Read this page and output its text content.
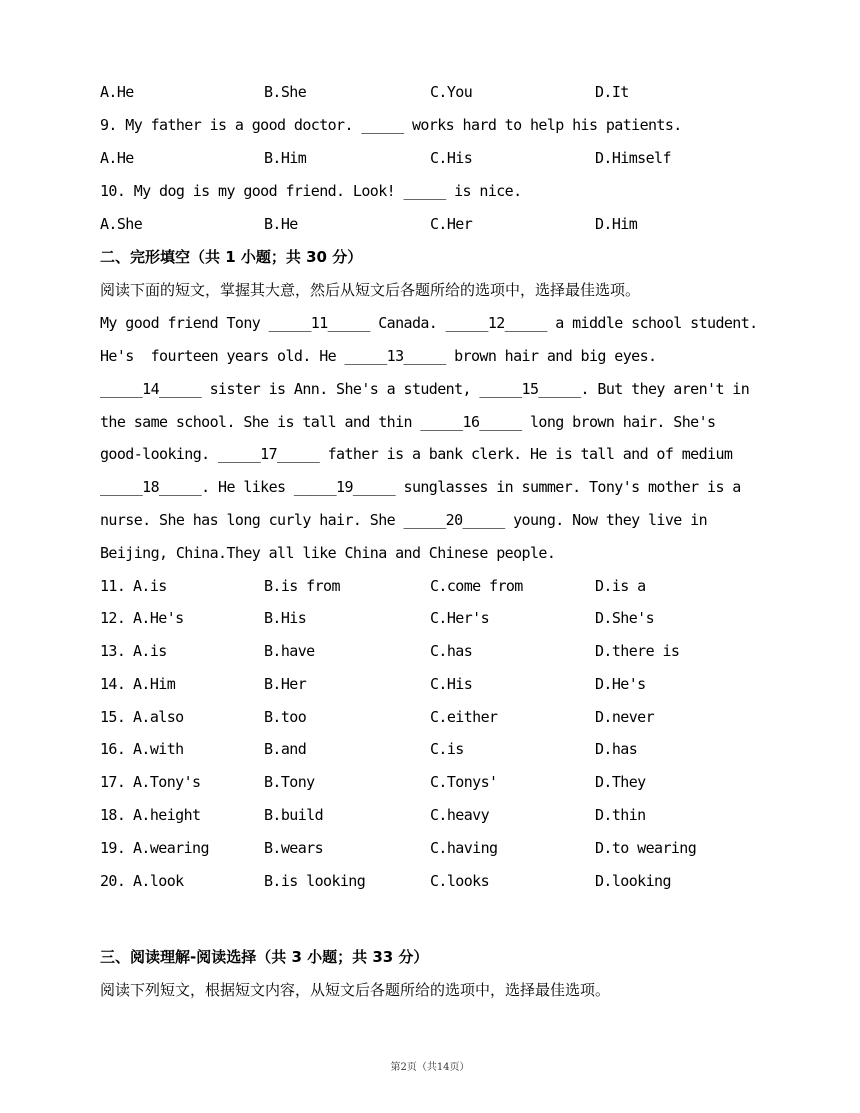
A.He	B.She	C.You	D.It
9. My father is a good doctor. _____ works hard to help his patients.
A.He	B.Him	C.His	D.Himself
10. My dog is my good friend. Look! _____ is nice.
A.She	B.He	C.Her	D.Him
二、完形填空（共 1 小题；共 30 分）
阅读下面的短文，掌握其大意，然后从短文后各题所给的选项中，选择最佳选项。
My good friend Tony _____11_____ Canada. _____12_____ a middle school student.
He's  fourteen years old. He _____13_____ brown hair and big eyes.
_____14_____ sister is Ann. She's a student, _____15_____. But they aren't in
the same school. She is tall and thin _____16_____ long brown hair. She's
good-looking. _____17_____ father is a bank clerk. He is tall and of medium
_____18_____. He likes _____19_____ sunglasses in summer. Tony's mother is a
nurse. She has long curly hair. She _____20_____ young. Now they live in
Beijing, China.They all like China and Chinese people.
11. A.is	B.is from	C.come from	D.is a
12. A.He's	B.His	C.Her's	D.She's
13. A.is	B.have	C.has	D.there is
14. A.Him	B.Her	C.His	D.He's
15. A.also	B.too	C.either	D.never
16. A.with	B.and	C.is	D.has
17. A.Tony's	B.Tony	C.Tonys'	D.They
18. A.height	B.build	C.heavy	D.thin
19. A.wearing	B.wears	C.having	D.to wearing
20. A.look	B.is looking	C.looks	D.looking
三、阅读理解-阅读选择（共 3 小题；共 33 分）
阅读下列短文，根据短文内容，从短文后各题所给的选项中，选择最佳选项。
第2页（共14页）
